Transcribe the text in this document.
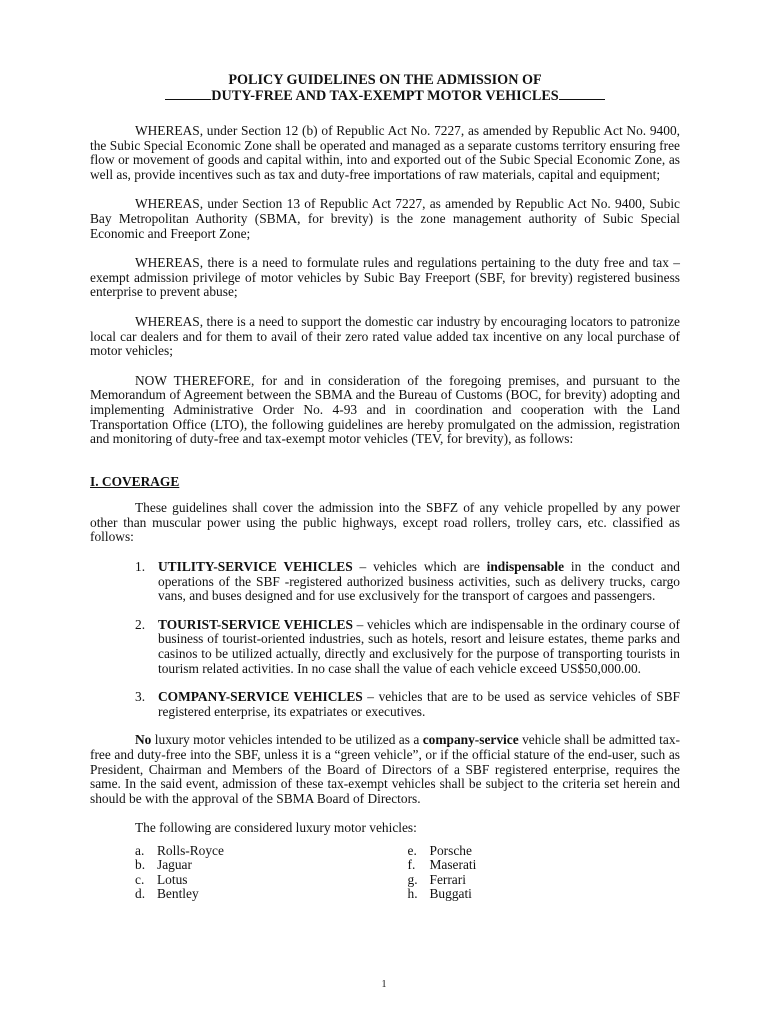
POLICY GUIDELINES ON THE ADMISSION OF

DUTY-FREE AND TAX-EXEMPT MOTOR VEHICLES

WHEREAS, under Section 12 (b) of Republic Act No. 7227, as amended by Republic Act No. 9400, the Subic Special Economic Zone shall be operated and managed as a separate customs territory ensuring free flow or movement of goods and capital within, into and exported out of the Subic Special Economic Zone, as well as, provide incentives such as tax and duty-free importations of raw materials, capital and equipment;

WHEREAS, under Section 13 of Republic Act 7227, as amended by Republic Act No. 9400, Subic Bay Metropolitan Authority (SBMA, for brevity) is the zone management authority of Subic Special Economic and Freeport Zone;

WHEREAS, there is a need to formulate rules and regulations pertaining to the duty free and tax –exempt admission privilege of motor vehicles by Subic Bay Freeport (SBF, for brevity) registered business enterprise to prevent abuse;

WHEREAS, there is a need to support the domestic car industry by encouraging locators to patronize local car dealers and for them to avail of their zero rated value added tax incentive on any local purchase of motor vehicles;

NOW THEREFORE, for and in consideration of the foregoing premises, and pursuant to the Memorandum of Agreement between the SBMA and the Bureau of Customs (BOC, for brevity) adopting and implementing Administrative Order No. 4-93 and in coordination and cooperation with the Land Transportation Office (LTO), the following guidelines are hereby promulgated on the admission, registration and monitoring of duty-free and tax-exempt motor vehicles (TEV, for brevity), as follows:

I. COVERAGE

These guidelines shall cover the admission into the SBFZ of any vehicle propelled by any power other than muscular power using the public highways, except road rollers, trolley cars, etc. classified as follows:

1. UTILITY-SERVICE VEHICLES – vehicles which are indispensable in the conduct and operations of the SBF -registered authorized business activities, such as delivery trucks, cargo vans, and buses designed and for use exclusively for the transport of cargoes and passengers.
2. TOURIST-SERVICE VEHICLES – vehicles which are indispensable in the ordinary course of business of tourist-oriented industries, such as hotels, resort and leisure estates, theme parks and casinos to be utilized actually, directly and exclusively for the purpose of transporting tourists in tourism related activities. In no case shall the value of each vehicle exceed US$50,000.00.
3. COMPANY-SERVICE VEHICLES – vehicles that are to be used as service vehicles of SBF registered enterprise, its expatriates or executives.

No luxury motor vehicles intended to be utilized as a company-service vehicle shall be admitted tax-free and duty-free into the SBF, unless it is a “green vehicle”, or if the official stature of the end-user, such as President, Chairman and Members of the Board of Directors of a SBF registered enterprise, requires the same. In the said event, admission of these tax-exempt vehicles shall be subject to the criteria set herein and should be with the approval of the SBMA Board of Directors.

The following are considered luxury motor vehicles:

a. Rolls-Royce
b. Jaguar
c. Lotus
d. Bentley
e. Porsche
f.	Maserati
g. Ferrari
h. Buggati
1
